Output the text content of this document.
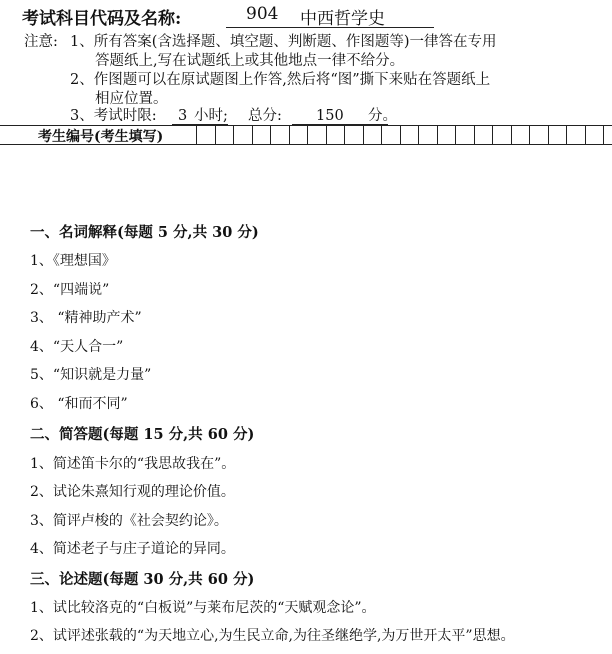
考试科目代码及名称:	904 中西哲学史
注意: 1、所有答案(含选择题、填空题、判断题、作图题等)一律答在专用
答题纸上,写在试题纸上或其他地点一律不给分。
2、作图题可以在原试题图上作答,然后将“图”撕下来贴在答题纸上
相应位置。
3、考试时限: 3 小时; 总分: 150 分。
考生编号(考生填写)
一、名词解释(每题 5 分,共 30 分)
1、《理想国》
2、“四端说”
3、 “精神助产术”
4、“天人合一”
5、“知识就是力量”
6、 “和而不同”
二、简答题(每题 15 分,共 60 分)
1、简述笛卡尔的“我思故我在”。
2、试论朱熹知行观的理论价值。
3、简评卢梭的《社会契约论》。
4、简述老子与庄子道论的异同。
三、论述题(每题 30 分,共 60 分)
1、试比较洛克的“白板说”与莱布尼茨的“天赋观念论”。
2、试评述张载的“为天地立心,为生民立命,为往圣继绝学,为万世开太平”思想。
